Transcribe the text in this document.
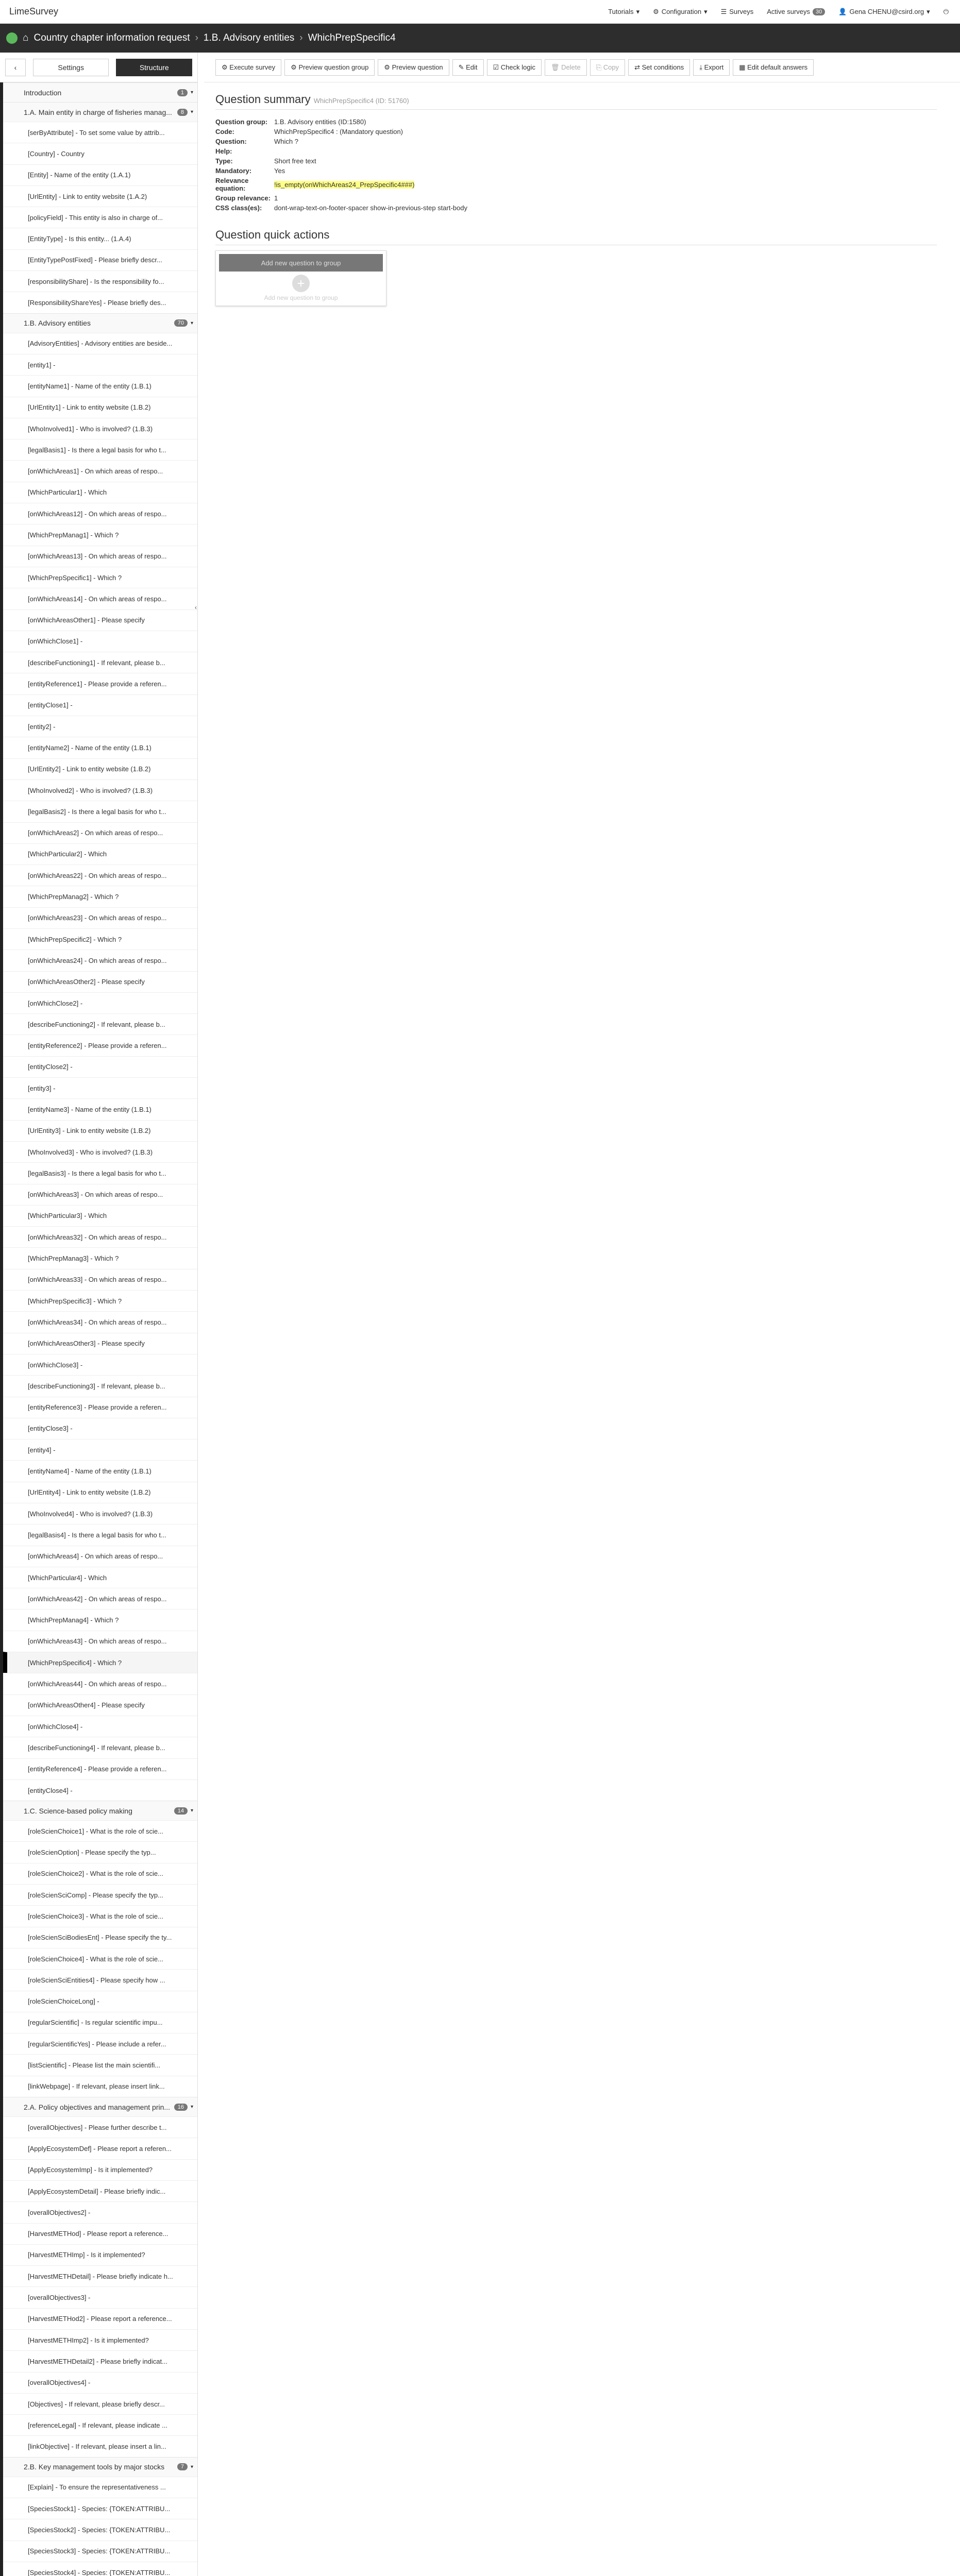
LimeSurvey	Tutorials ▾ ⚙ Configuration ▾ ☰ Surveys Active surveys	30	👤 Gena CHENU@csird.org ▾ ⏻
⌂ Country chapter information request › 1.B. Advisory entities › WhichPrepSpecific4
‹	Settings	Structure
Introduction	1	▾
1.A. Main entity in charge of fisheries manag...	8	▾
[serByAttribute] - To set some value by attrib...
[Country] - Country
[Entity] - Name of the entity (1.A.1)
[UrlEntity] - Link to entity website (1.A.2)
[policyField] - This entity is also in charge of...
[EntityType] - Is this entity... (1.A.4)
[EntityTypePostFixed] - Please briefly descr...
[responsibilityShare] - Is the responsibility fo...
[ResponsibilityShareYes] - Please briefly des...
1.B. Advisory entities	70	▾
[AdvisoryEntities] - Advisory entities are beside...
[entity1] -
[entityName1] - Name of the entity (1.B.1)
[UrlEntity1] - Link to entity website (1.B.2)
[WhoInvolved1] - Who is involved? (1.B.3)
[legalBasis1] - Is there a legal basis for who t...
[onWhichAreas1] - On which areas of respo...
[WhichParticular1] - Which
[onWhichAreas12] - On which areas of respo...
[WhichPrepManag1] - Which ?
[onWhichAreas13] - On which areas of respo...
[WhichPrepSpecific1] - Which ?
[onWhichAreas14] - On which areas of respo...
[onWhichAreasOther1] - Please specify
[onWhichClose1] -
[describeFunctioning1] - If relevant, please b...
[entityReference1] - Please provide a referen...
[entityClose1] -
[entity2] -
[entityName2] - Name of the entity (1.B.1)
[UrlEntity2] - Link to entity website (1.B.2)
[WhoInvolved2] - Who is involved? (1.B.3)
[legalBasis2] - Is there a legal basis for who t...
[onWhichAreas2] - On which areas of respo...
[WhichParticular2] - Which
[onWhichAreas22] - On which areas of respo...
[WhichPrepManag2] - Which ?
[onWhichAreas23] - On which areas of respo...
[WhichPrepSpecific2] - Which ?
[onWhichAreas24] - On which areas of respo...
[onWhichAreasOther2] - Please specify
[onWhichClose2] -
[describeFunctioning2] - If relevant, please b...
[entityReference2] - Please provide a referen...
[entityClose2] -
[entity3] -
[entityName3] - Name of the entity (1.B.1)
[UrlEntity3] - Link to entity website (1.B.2)
[WhoInvolved3] - Who is involved? (1.B.3)
[legalBasis3] - Is there a legal basis for who t...
[onWhichAreas3] - On which areas of respo...
[WhichParticular3] - Which
[onWhichAreas32] - On which areas of respo...
[WhichPrepManag3] - Which ?
[onWhichAreas33] - On which areas of respo...
[WhichPrepSpecific3] - Which ?
[onWhichAreas34] - On which areas of respo...
[onWhichAreasOther3] - Please specify
[onWhichClose3] -
[describeFunctioning3] - If relevant, please b...
[entityReference3] - Please provide a referen...
[entityClose3] -
[entity4] -
[entityName4] - Name of the entity (1.B.1)
[UrlEntity4] - Link to entity website (1.B.2)
[WhoInvolved4] - Who is involved? (1.B.3)
[legalBasis4] - Is there a legal basis for who t...
[onWhichAreas4] - On which areas of respo...
[WhichParticular4] - Which
[onWhichAreas42] - On which areas of respo...
[WhichPrepManag4] - Which ?
[onWhichAreas43] - On which areas of respo...
[WhichPrepSpecific4] - Which ?
[onWhichAreas44] - On which areas of respo...
[onWhichAreasOther4] - Please specify
[onWhichClose4] -
[describeFunctioning4] - If relevant, please b...
[entityReference4] - Please provide a referen...
[entityClose4] -
1.C. Science-based policy making	14	▾
[roleScienChoice1] - What is the role of scie...
[roleScienOption] - Please specify the typ...
[roleScienChoice2] - What is the role of scie...
[roleScienSciComp] - Please specify the typ...
[roleScienChoice3] - What is the role of scie...
[roleScienSciBodiesEnt] - Please specify the ty...
[roleScienChoice4] - What is the role of scie...
[roleScienSciEntities4] - Please specify how ...
[roleScienChoiceLong] -
[regularScientific] - Is regular scientific impu...
[regularScientificYes] - Please include a refer...
[listScientific] - Please list the main scientifi...
[linkWebpage] - If relevant, please insert link...
2.A. Policy objectives and management prin...	16	▾
[overallObjectives] - Please further describe t...
[ApplyEcosystemDef] - Please report a referen...
[ApplyEcosystemImp] - Is it implemented?
[ApplyEcosystemDetail] - Please briefly indic...
[overallObjectives2] -
[HarvestMETHod] - Please report a reference...
[HarvestMETHImp] - Is it implemented?
[HarvestMETHDetail] - Please briefly indicate h...
[overallObjectives3] -
[HarvestMETHod2] - Please report a reference...
[HarvestMETHImp2] - Is it implemented?
[HarvestMETHDetail2] - Please briefly indicat...
[overallObjectives4] -
[Objectives] - If relevant, please briefly descr...
[referenceLegal] - If relevant, please indicate ...
[linkObjective] - If relevant, please insert a lin...
2.B. Key management tools by major stocks	7	▾
[Explain] - To ensure the representativeness ...
[SpeciesStock1] - Species: {TOKEN:ATTRIBU...
[SpeciesStock2] - Species: {TOKEN:ATTRIBU...
[SpeciesStock3] - Species: {TOKEN:ATTRIBU...
[SpeciesStock4] - Species: {TOKEN:ATTRIBU...
‹
⚙ Execute survey	⚙ Preview question group	⚙ Preview question	✎ Edit	☑ Check logic	🗑 Delete	⎘ Copy	⇄ Set conditions	⤓ Export	▦ Edit default answers
Question summary WhichPrepSpecific4 (ID: 51760)
Question group:	1.B. Advisory entities (ID:1580)
Code:	WhichPrepSpecific4 : (Mandatory question)
Question:	Which ?
Help:	
Type:	Short free text
Mandatory:	Yes
Relevance equation:	!is_empty(onWhichAreas24_PrepSpecific4###)
Group relevance:	1
CSS class(es):	dont-wrap-text-on-footer-spacer show-in-previous-step start-body
Question quick actions
Add new question to group
+
Add new question to group
